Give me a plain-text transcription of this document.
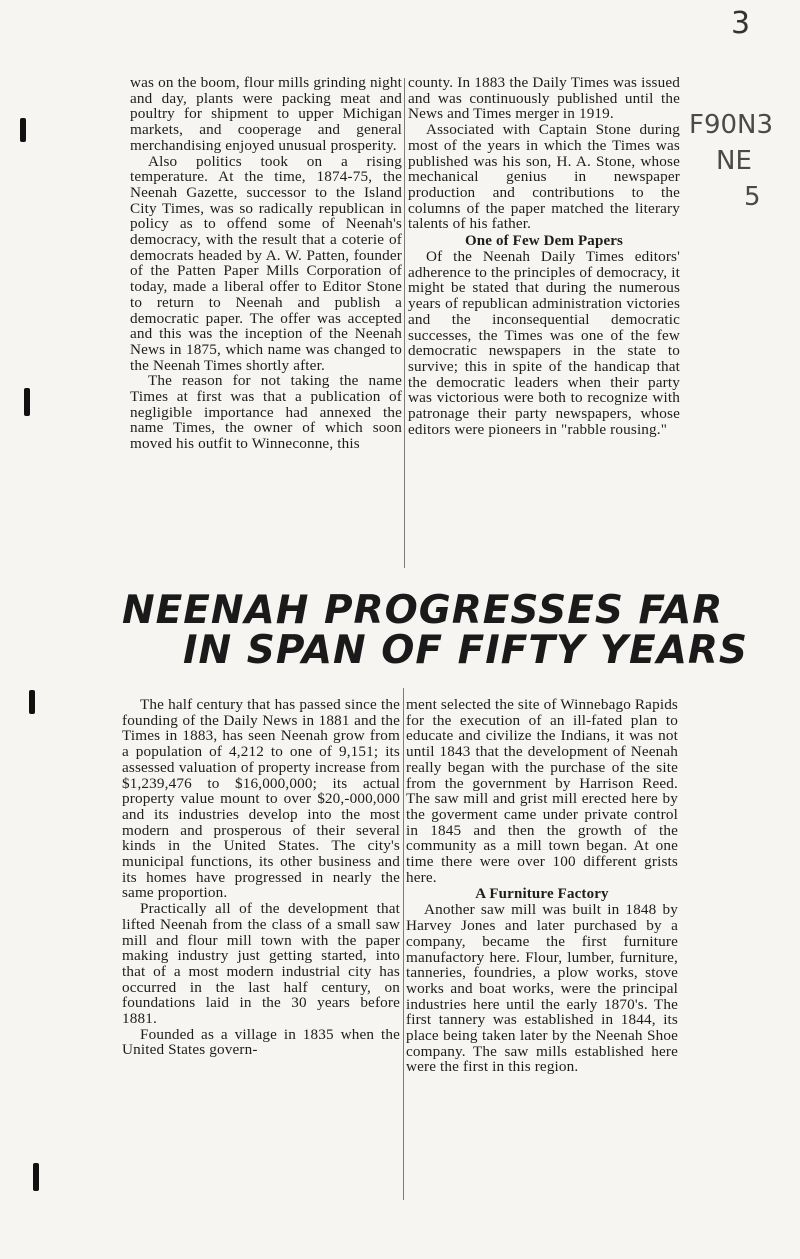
3
F90N3
NE
5

was on the boom, flour mills grinding night and day, plants were packing meat and poultry for shipment to upper Michigan markets, and cooperage and general merchandising enjoyed unusual prosperity.

Also politics took on a rising temperature. At the time, 1874-75, the Neenah Gazette, successor to the Island City Times, was so radically republican in policy as to offend some of Neenah's democracy, with the result that a coterie of democrats headed by A. W. Patten, founder of the Patten Paper Mills Corporation of today, made a liberal offer to Editor Stone to return to Neenah and publish a democratic paper. The offer was accepted and this was the inception of the Neenah News in 1875, which name was changed to the Neenah Times shortly after.

The reason for not taking the name Times at first was that a publication of negligible importance had annexed the name Times, the owner of which soon moved his outfit to Winneconne, this

county. In 1883 the Daily Times was issued and was continuously published until the News and Times merger in 1919.

Associated with Captain Stone during most of the years in which the Times was published was his son, H. A. Stone, whose mechanical genius in newspaper production and contributions to the columns of the paper matched the literary talents of his father.

One of Few Dem Papers

Of the Neenah Daily Times editors' adherence to the principles of democracy, it might be stated that during the numerous years of republican administration victories and the inconsequential democratic successes, the Times was one of the few democratic newspapers in the state to survive; this in spite of the handicap that the democratic leaders when their party was victorious were both to recognize with patronage their party newspapers, whose editors were pioneers in "rabble rousing."

NEENAH PROGRESSES FAR
IN SPAN OF FIFTY YEARS

The half century that has passed since the founding of the Daily News in 1881 and the Times in 1883, has seen Neenah grow from a population of 4,212 to one of 9,151; its assessed valuation of property increase from $1,239,476 to $16,000,000; its actual property value mount to over $20,-000,000 and its industries develop into the most modern and prosperous of their several kinds in the United States. The city's municipal functions, its other business and its homes have progressed in nearly the same proportion.

Practically all of the development that lifted Neenah from the class of a small saw mill and flour mill town with the paper making industry just getting started, into that of a most modern industrial city has occurred in the last half century, on foundations laid in the 30 years before 1881.

Founded as a village in 1835 when the United States govern-

ment selected the site of Winnebago Rapids for the execution of an ill-fated plan to educate and civilize the Indians, it was not until 1843 that the development of Neenah really began with the purchase of the site from the government by Harrison Reed. The saw mill and grist mill erected here by the goverment came under private control in 1845 and then the growth of the community as a mill town began. At one time there were over 100 different grists here.

A Furniture Factory

Another saw mill was built in 1848 by Harvey Jones and later purchased by a company, became the first furniture manufactory here. Flour, lumber, furniture, tanneries, foundries, a plow works, stove works and boat works, were the principal industries here until the early 1870's. The first tannery was established in 1844, its place being taken later by the Neenah Shoe company. The saw mills established here were the first in this region.
